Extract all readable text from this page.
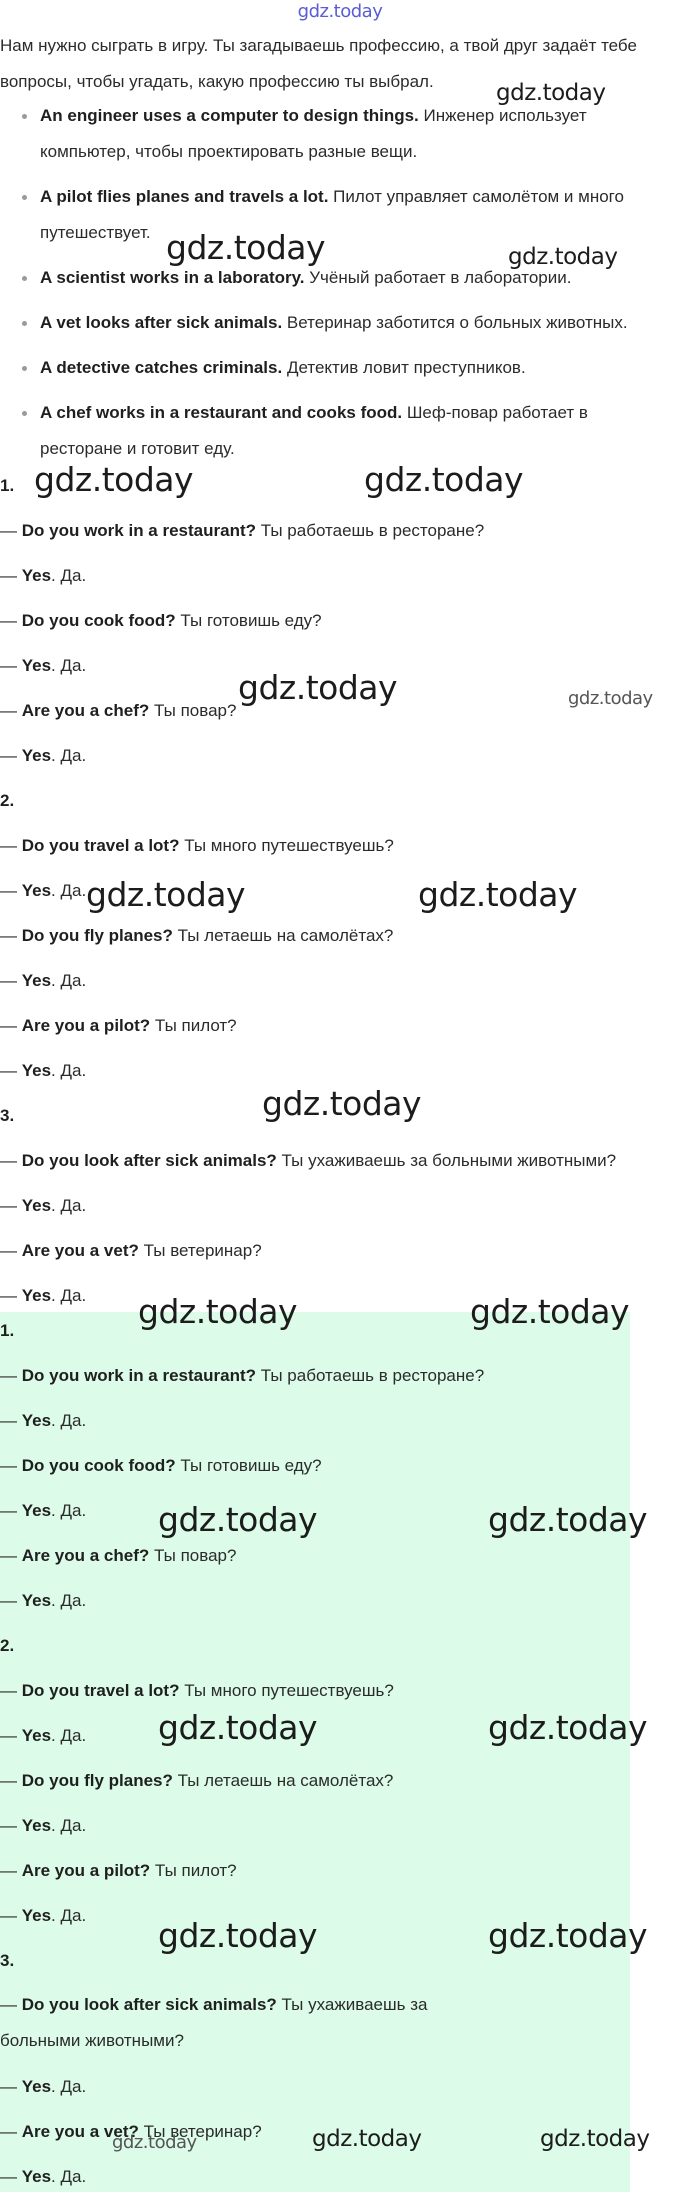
gdz.today

Нам нужно сыграть в игру. Ты загадываешь профессию, а твой друг задаёт тебе вопросы, чтобы угадать, какую профессию ты выбрал.

An engineer uses a computer to design things. Инженер использует компьютер, чтобы проектировать разные вещи.
A pilot flies planes and travels a lot. Пилот управляет самолётом и много путешествует.
A scientist works in a laboratory. Учёный работает в лаборатории.
A vet looks after sick animals. Ветеринар заботится о больных животных.
A detective catches criminals. Детектив ловит преступников.
A chef works in a restaurant and cooks food. Шеф-повар работает в ресторане и готовит еду.

1.

— Do you work in a restaurant? Ты работаешь в ресторане?

— Yes. Да.

— Do you cook food? Ты готовишь еду?

— Yes. Да.

— Are you a chef? Ты повар?

— Yes. Да.

2.

— Do you travel a lot? Ты много путешествуешь?

— Yes. Да.

— Do you fly planes? Ты летаешь на самолётах?

— Yes. Да.

— Are you a pilot? Ты пилот?

— Yes. Да.

3.

— Do you look after sick animals? Ты ухаживаешь за больными животными?

— Yes. Да.

— Are you a vet? Ты ветеринар?

— Yes. Да.

1.

— Do you work in a restaurant? Ты работаешь в ресторане?

— Yes. Да.

— Do you cook food? Ты готовишь еду?

— Yes. Да.

— Are you a chef? Ты повар?

— Yes. Да.

2.

— Do you travel a lot? Ты много путешествуешь?

— Yes. Да.

— Do you fly planes? Ты летаешь на самолётах?

— Yes. Да.

— Are you a pilot? Ты пилот?

— Yes. Да.

3.

— Do you look after sick animals? Ты ухаживаешь за больными животными?

— Yes. Да.

— Are you a vet? Ты ветеринар?

— Yes. Да.

gdz.today
gdz.today	gdz.today
gdz.today	gdz.today
gdz.today	gdz.today
gdz.today	gdz.today
gdz.today
gdz.today	gdz.today
gdz.today	gdz.today
gdz.today	gdz.today
gdz.today	gdz.today
gdz.today	gdz.today	gdz.today
